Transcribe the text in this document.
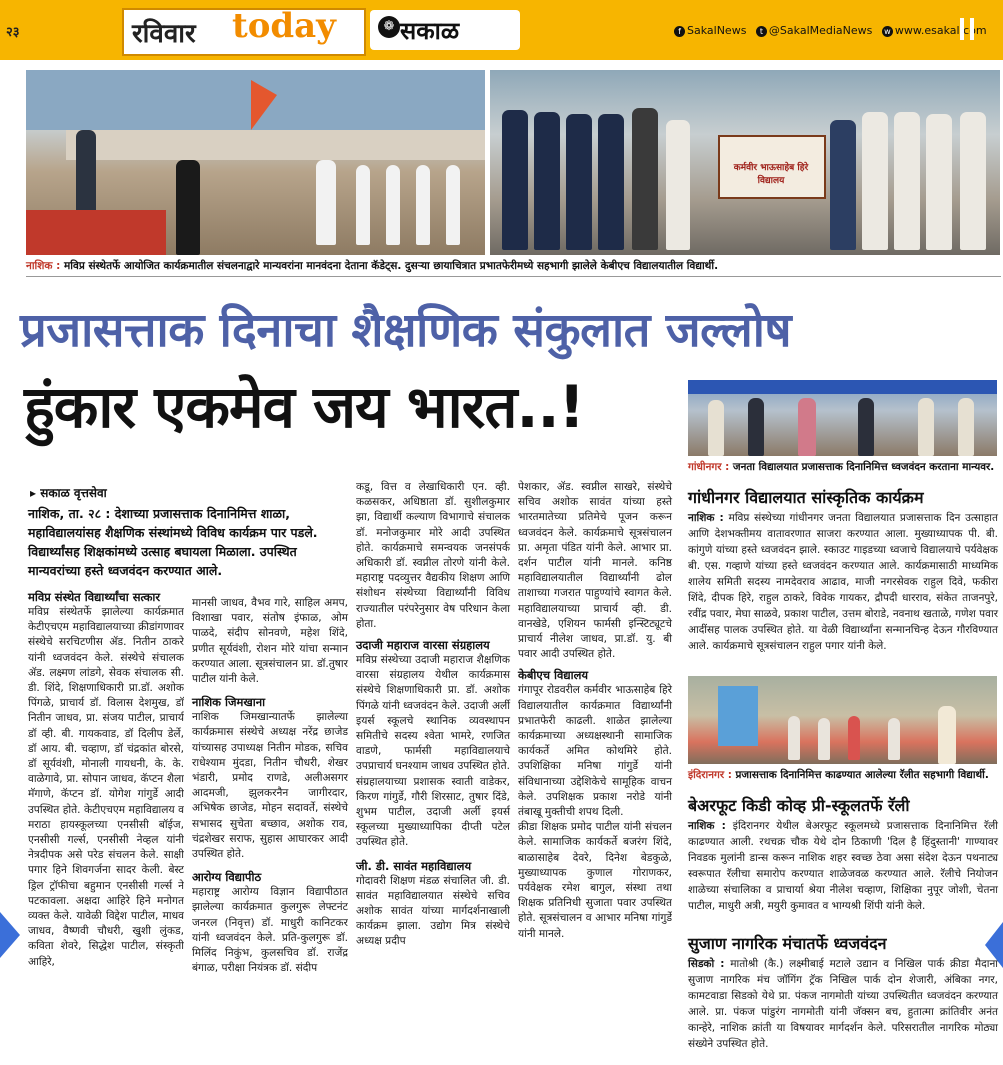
२३	रविवार today	❁ सकाळ	f SakalNews t @SakalMediaNews w www.esakal.com
कर्मवीर भाऊसाहेब हिरे विद्यालय
नाशिक : मविप्र संस्थेतर्फे आयोजित कार्यक्रमातील संचलनाद्वारे मान्यवरांना मानवंदना देताना कॅडेट्स. दुसऱ्या छायाचित्रात प्रभातफेरीमध्ये सहभागी झालेले केबीएच विद्यालयातील विद्यार्थी.
प्रजासत्ताक दिनाचा शैक्षणिक संकुलात जल्लोष
हुंकार एकमेव जय भारत..!
▸ सकाळ वृत्तसेवा
नाशिक, ता. २८ : देशाच्या प्रजासत्ताक दिनानिमित्त शाळा, महाविद्यालयांसह शैक्षणिक संस्थांमध्ये विविध कार्यक्रम पार पडले. विद्यार्थ्यांसह शिक्षकांमध्ये उत्साह बघायला मिळाला. उपस्थित मान्यवरांच्या हस्ते ध्वजवंदन करण्यात आले.
मविप्र संस्थेत विद्यार्थ्यांचा सत्कार
मविप्र संस्थेतर्फे झालेल्या कार्यक्रमात केटीएचएम महाविद्यालयाच्या क्रीडांगणावर संस्थेचे सरचिटणीस ॲड. नितीन ठाकरे यांनी ध्वजवंदन केले. संस्थेचे संचालक ॲड. लक्ष्मण लांडगे, सेवक संचालक सी. डी. शिंदे, शिक्षणाधिकारी प्रा.डॉ. अशोक पिंगळे, प्राचार्य डॉ. विलास देशमुख, डॉ नितीन जाधव, प्रा. संजय पाटील, प्राचार्य डॉ व्ही. बी. गायकवाड, डॉ दिलीप डेर्ले, डॉ आय. बी. चव्हाण, डॉ चंद्रकांत बोरसे, डॉ सूर्यवंशी, मोनाली गायधनी, के. के. वाळेगावे, प्रा. सोपान जाधव, कॅप्टन शैला मॅगाणे, कॅप्टन डॉ. योगेश गांगुर्डे आदी उपस्थित होते. केटीएचएम महाविद्यालय व मराठा हायस्कूलच्या एनसीसी बॉईज, एनसीसी गर्ल्स, एनसीसी नेव्हल यांनी नेत्रदीपक असे परेड संचलन केले. साक्षी पगार हिने शिवगर्जना सादर केली. बेस्ट ड्रिल ट्रॉफीचा बहुमान एनसीसी गर्ल्स ने पटकावला. अक्षदा आहिरे हिने मनोगत व्यक्त केले. यावेळी विद्देश पाटील, माधव जाधव, वैष्णवी चौधरी, खुशी लुंकड, कविता शेवरे, सिद्धेश पाटील, संस्कृती आहिरे,
मानसी जाधव, वैभव गारे, साहिल अमप, विशाखा पवार, संतोष इंफाळ, ओम पाळदे, संदीप सोनवणे, महेश शिंदे, प्रणीत सूर्यवंशी, रोशन मोरे यांचा सन्मान करण्यात आला. सूत्रसंचालन प्रा. डॉ.तुषार पाटील यांनी केले.
नाशिक जिमखाना
नाशिक जिमखान्यातर्फे झालेल्या कार्यक्रमास संस्थेचे अध्यक्ष नरेंद्र छाजेड यांच्यासह उपाध्यक्ष नितीन मोडक, सचिव राधेश्याम मुंदडा, नितीन चौधरी, शेखर भंडारी, प्रमोद राणडे, अलीअसगर आदमजी, झुलकरनैन जागीरदार, अभिषेक छाजेड, मोहन सदावर्ते, संस्थेचे सभासद सुचेता बच्छाव, अशोक राव, चंद्रशेखर सराफ, सुहास आघारकर आदी उपस्थित होते.
आरोग्य विद्यापीठ
महाराष्ट्र आरोग्य विज्ञान विद्यापीठात झालेल्या कार्यक्रमात कुलगुरू लेफ्टनंट जनरल (निवृत्त) डॉ. माधुरी कानिटकर यांनी ध्वजवंदन केले. प्रति-कुलगुरू डॉ. मिलिंद निकुंभ, कुलसचिव डॉ. राजेंद्र बंगाळ, परीक्षा नियंत्रक डॉ. संदीप
कडू, वित्त व लेखाधिकारी एन. व्ही. कळसकर, अधिष्ठाता डॉ. सुशीलकुमार झा, विद्यार्थी कल्याण विभागाचे संचालक डॉ. मनोजकुमार मोरे आदी उपस्थित होते. कार्यक्रमाचे समन्वयक जनसंपर्क अधिकारी डॉ. स्वप्नील तोरणे यांनी केले. महाराष्ट्र पदव्युत्तर वैद्यकीय शिक्षण आणि संशोधन संस्थेच्या विद्यार्थ्यांनी विविध राज्यातील परंपरेनुसार वेष परिधान केला होता.
उदाजी महाराज वारसा संग्रहालय
मविप्र संस्थेच्या उदाजी महाराज शैक्षणिक वारसा संग्रहालय येथील कार्यक्रमास संस्थेचे शिक्षणाधिकारी प्रा. डॉ. अशोक पिंगळे यांनी ध्वजवंदन केले. उदाजी अर्ली इयर्स स्कूलचे स्थानिक व्यवस्थापन समितीचे सदस्य श्वेता भामरे, रणजित वाडणे, फार्मसी महाविद्यालयाचे उपप्राचार्य घनश्याम जाधव उपस्थित होते. संग्रहालयाच्या प्रशासक स्वाती वाडेकर, किरण गांगुर्डे, गौरी शिरसाट, तुषार दिंडे, शुभम पाटील, उदाजी अर्ली इयर्स स्कूलच्या मुख्याध्यापिका दीप्ती पटेल उपस्थित होते.
जी. डी. सावंत महाविद्यालय
गोदावरी शिक्षण मंडळ संचालित जी. डी. सावंत महाविद्यालयात संस्थेचे सचिव अशोक सावंत यांच्या मार्गदर्शनाखाली कार्यक्रम झाला. उद्योग मित्र संस्थेचे अध्यक्ष प्रदीप
पेशकार, ॲड. स्वप्नील साखरे, संस्थेचे सचिव अशोक सावंत यांच्या हस्ते भारतमातेच्या प्रतिमेचे पूजन करून ध्वजवंदन केले. कार्यक्रमाचे सूत्रसंचालन प्रा. अमृता पंडित यांनी केले. आभार प्रा. दर्शन पाटील यांनी मानले. कनिष्ठ महाविद्यालयातील विद्यार्थ्यांनी ढोल ताशाच्या गजरात पाहुण्यांचे स्वागत केले. महाविद्यालयाच्या प्राचार्य व्ही. डी. वानखेडे, एशियन फार्मसी इन्स्टिट्यूटचे प्राचार्य नीलेश जाधव, प्रा.डॉ. यु. बी पवार आदी उपस्थित होते.
केबीएच विद्यालय
गंगापूर रोडवरील कर्मवीर भाऊसाहेब हिरे विद्यालयातील कार्यक्रमात विद्यार्थ्यांनी प्रभातफेरी काढली. शाळेत झालेल्या कार्यक्रमाच्या अध्यक्षस्थानी सामाजिक कार्यकर्ते अमित कोथमिरे होते. उपशिक्षिका मनिषा गांगुर्डे यांनी संविधानाच्या उद्देशिकेचे सामूहिक वाचन केले. उपशिक्षक प्रकाश नरोडे यांनी तंबाखू मुक्तीची शपथ दिली.
क्रीडा शिक्षक प्रमोद पाटील यांनी संचलन केले. सामाजिक कार्यकर्ते बजरंग शिंदे, बाळासाहेब देवरे, दिनेश बेडकुळे, मुख्याध्यापक कुणाल गोराणकर, पर्यवेक्षक रमेश बागुल, संस्था तथा शिक्षक प्रतिनिधी सुजाता पवार उपस्थित होते. सूत्रसंचालन व आभार मनिषा गांगुर्डे यांनी मानले.
गांधीनगर : जनता विद्यालयात प्रजासत्ताक दिनानिमित्त ध्वजवंदन करताना मान्यवर.
गांधीनगर विद्यालयात सांस्कृतिक कार्यक्रम
नाशिक : मविप्र संस्थेच्या गांधीनगर जनता विद्यालयात प्रजासत्ताक दिन उत्साहात आणि देशभक्तीमय वातावरणात साजरा करण्यात आला. मुख्याध्यापक पी. बी. कांगुणे यांच्या हस्ते ध्वजवंदन झाले. स्काउट गाइडच्या ध्वजाचे विद्यालयाचे पर्यवेक्षक बी. एस. गव्हाणे यांच्या हस्ते ध्वजवंदन करण्यात आले. कार्यक्रमासाठी माध्यमिक शालेय समिती सदस्य नामदेवराव आढाव, माजी नगरसेवक राहुल दिवे, फकीरा शिंदे, दीपक हिरे, राहुल ठाकरे, विवेक गायकर, द्रौपदी धारराव, संकेत ताजनपुरे, रवींद्र पवार, मेघा साळवे, प्रकाश पाटील, उत्तम बोराडे, नवनाथ खताळे, गणेश पवार आदींसह पालक उपस्थित होते. या वेळी विद्यार्थ्यांना सन्मानचिन्ह देऊन गौरविण्यात आले. कार्यक्रमाचे सूत्रसंचालन राहुल पगार यांनी केले.
इंदिरानगर : प्रजासत्ताक दिनानिमित्त काढण्यात आलेल्या रॅलीत सहभागी विद्यार्थी.
बेअरफूट किडी कोव्ह प्री-स्कूलतर्फे रॅली
नाशिक : इंदिरानगर येथील बेअरफूट स्कूलमध्ये प्रजासत्ताक दिनानिमित्त रॅली काढण्यात आली. रथचक्र चौक येथे दोन ठिकाणी 'दिल है हिंदुस्तानी' गाण्यावर निवडक मुलांनी डान्स करून नाशिक शहर स्वच्छ ठेवा असा संदेश देऊन पथनाट्य स्वरूपात रॅलीचा समारोप करण्यात शाळेजवळ करण्यात आले. रॅलीचे नियोजन शाळेच्या संचालिका व प्राचार्या श्रेया नीलेश चव्हाण, शिक्षिका नुपूर जोशी, चेतना पाटील, माधुरी अत्री, मयुरी कुमावत व भाग्यश्री शिंपी यांनी केले.
सुजाण नागरिक मंचातर्फे ध्वजवंदन
सिडको : मातोश्री (कै.) लक्ष्मीबाई मटाले उद्यान व निखिल पार्क क्रीडा मैदाना सुजाण नागरिक मंच जॉगिंग ट्रॅक निखिल पार्क दोन शेजारी, अंबिका नगर, कामटवाडा सिडको येथे प्रा. पंकज नागमोती यांच्या उपस्थितीत ध्वजवंदन करण्यात आले. प्रा. पंकज पांडुरंग नागमोती यांनी जॅक्सन बच, हुतात्मा क्रांतिवीर अनंत कान्हेरे, नाशिक क्रांती या विषयावर मार्गदर्शन केले. परिसरातील नागरिक मोठ्या संख्येने उपस्थित होते.
